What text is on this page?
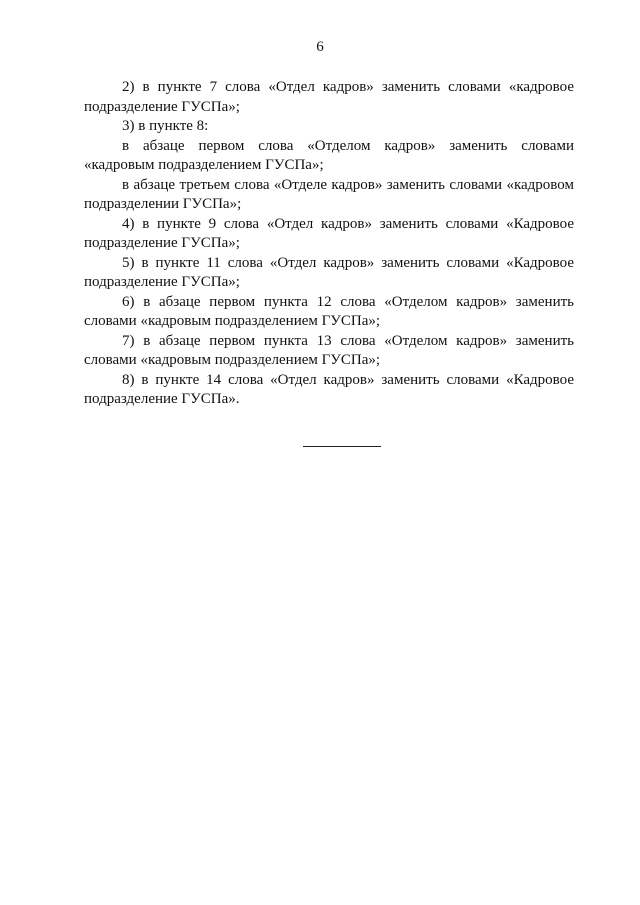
6

2) в пункте 7 слова «Отдел кадров» заменить словами «кадровое подразделение ГУСПа»;

3) в пункте 8:

в абзаце первом слова «Отделом кадров» заменить словами «кадровым подразделением ГУСПа»;

в абзаце третьем слова «Отделе кадров» заменить словами «кадровом подразделении ГУСПа»;

4) в пункте 9 слова «Отдел кадров» заменить словами «Кадровое подразделение ГУСПа»;

5) в пункте 11 слова «Отдел кадров» заменить словами «Кадровое подразделение ГУСПа»;

6) в абзаце первом пункта 12 слова «Отделом кадров» заменить словами «кадровым подразделением ГУСПа»;

7) в абзаце первом пункта 13 слова «Отделом кадров» заменить словами «кадровым подразделением ГУСПа»;

8) в пункте 14 слова «Отдел кадров» заменить словами «Кадровое подразделение ГУСПа».
